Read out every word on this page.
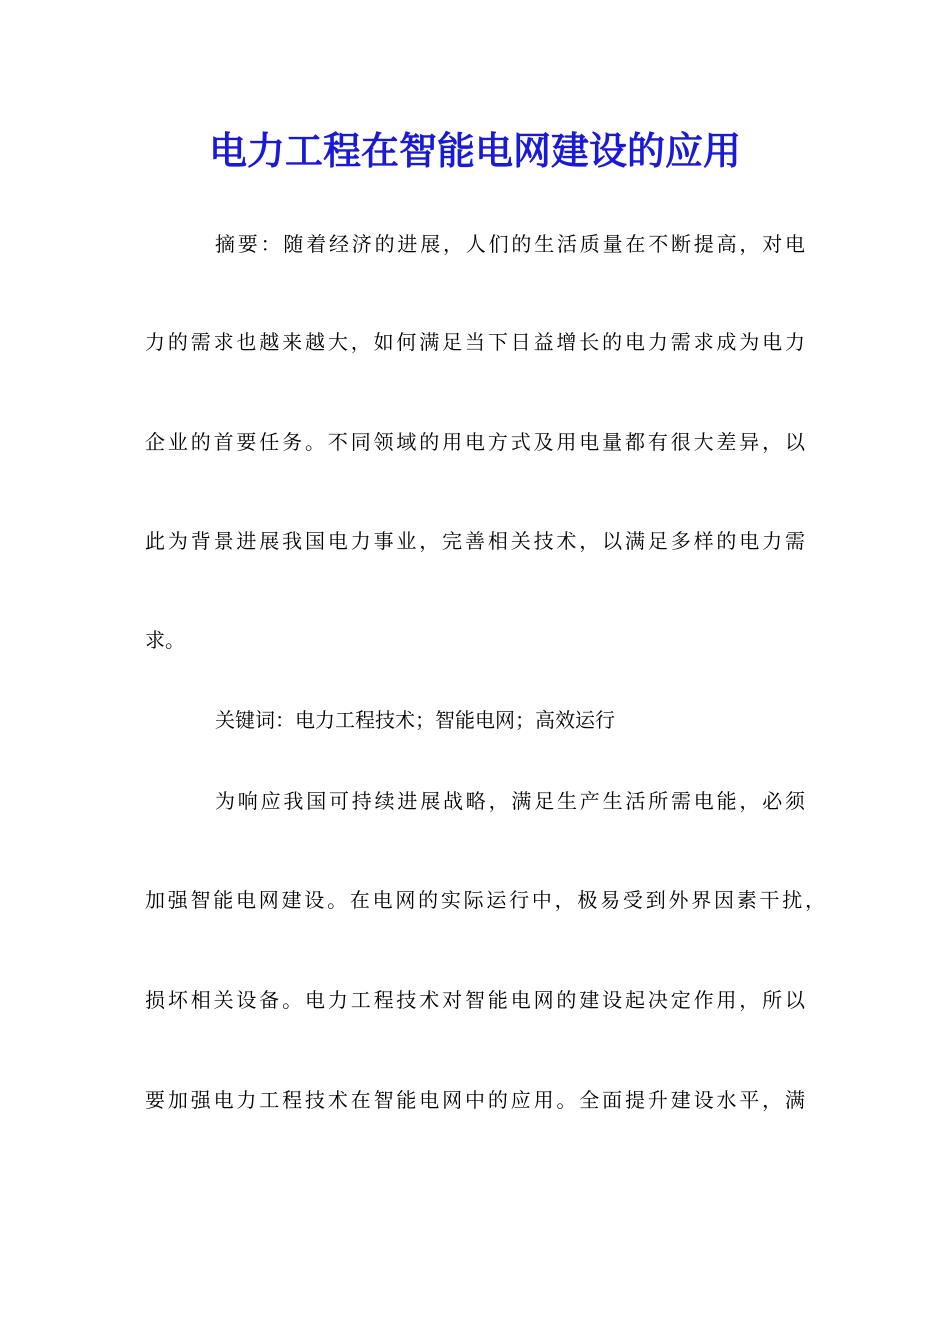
电力工程在智能电网建设的应用

摘要：随着经济的进展，人们的生活质量在不断提高，对电

力的需求也越来越大，如何满足当下日益增长的电力需求成为电力

企业的首要任务。不同领域的用电方式及用电量都有很大差异，以

此为背景进展我国电力事业，完善相关技术，以满足多样的电力需

求。

关键词：电力工程技术；智能电网；高效运行

为响应我国可持续进展战略，满足生产生活所需电能，必须

加强智能电网建设。在电网的实际运行中，极易受到外界因素干扰，

损坏相关设备。电力工程技术对智能电网的建设起决定作用，所以

要加强电力工程技术在智能电网中的应用。全面提升建设水平，满
